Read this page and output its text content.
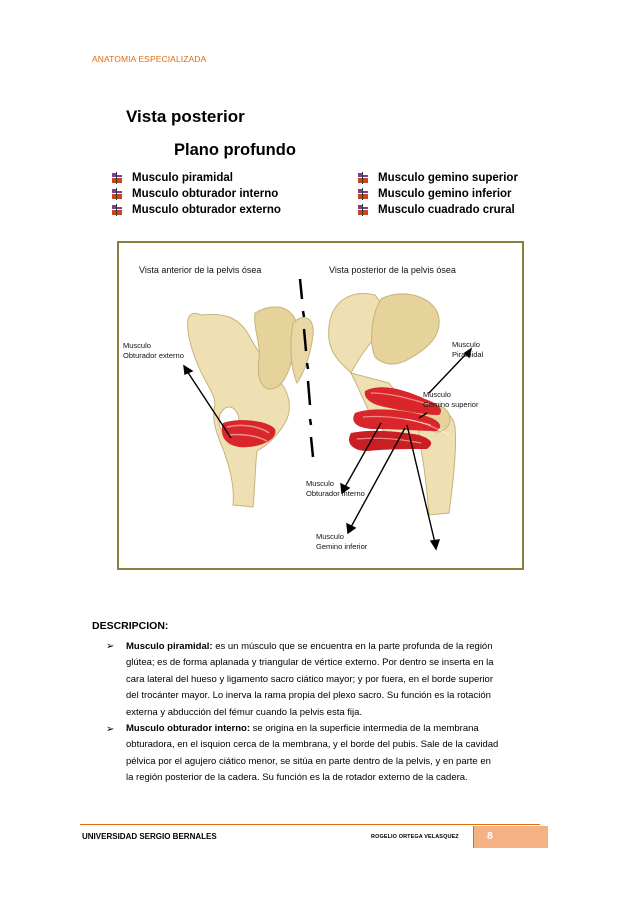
ANATOMIA ESPECIALIZADA
Vista posterior
Plano profundo
Musculo piramidal
Musculo obturador interno
Musculo obturador externo
Musculo gemino superior
Musculo gemino inferior
Musculo cuadrado crural
Vista anterior de la pelvis ósea	Vista posterior de la pelvis ósea
Musculo
Obturador externo
Musculo
Piramidal
Musculo
Gemino superior
Musculo
Obturador interno
Musculo
Gemino inferior
DESCRIPCION:
➢ Musculo piramidal: es un músculo que se encuentra en la parte profunda de la región
glútea; es de forma aplanada y triangular de vértice externo. Por dentro se inserta en la
cara lateral del hueso y ligamento sacro ciático mayor; y por fuera, en el borde superior
del trocánter mayor. Lo inerva la rama propia del plexo sacro. Su función es la rotación
externa y abducción del fémur cuando la pelvis esta fija.
➢ Musculo obturador interno: se origina en la superficie intermedia de la membrana
obturadora, en el isquion cerca de la membrana, y el borde del pubis. Sale de la cavidad
pélvica por el agujero ciático menor, se sitúa en parte dentro de la pelvis, y en parte en
la región posterior de la cadera. Su función es la de rotador externo de la cadera.
UNIVERSIDAD SERGIO BERNALES	ROGELIO ORTEGA VELASQUEZ	8
